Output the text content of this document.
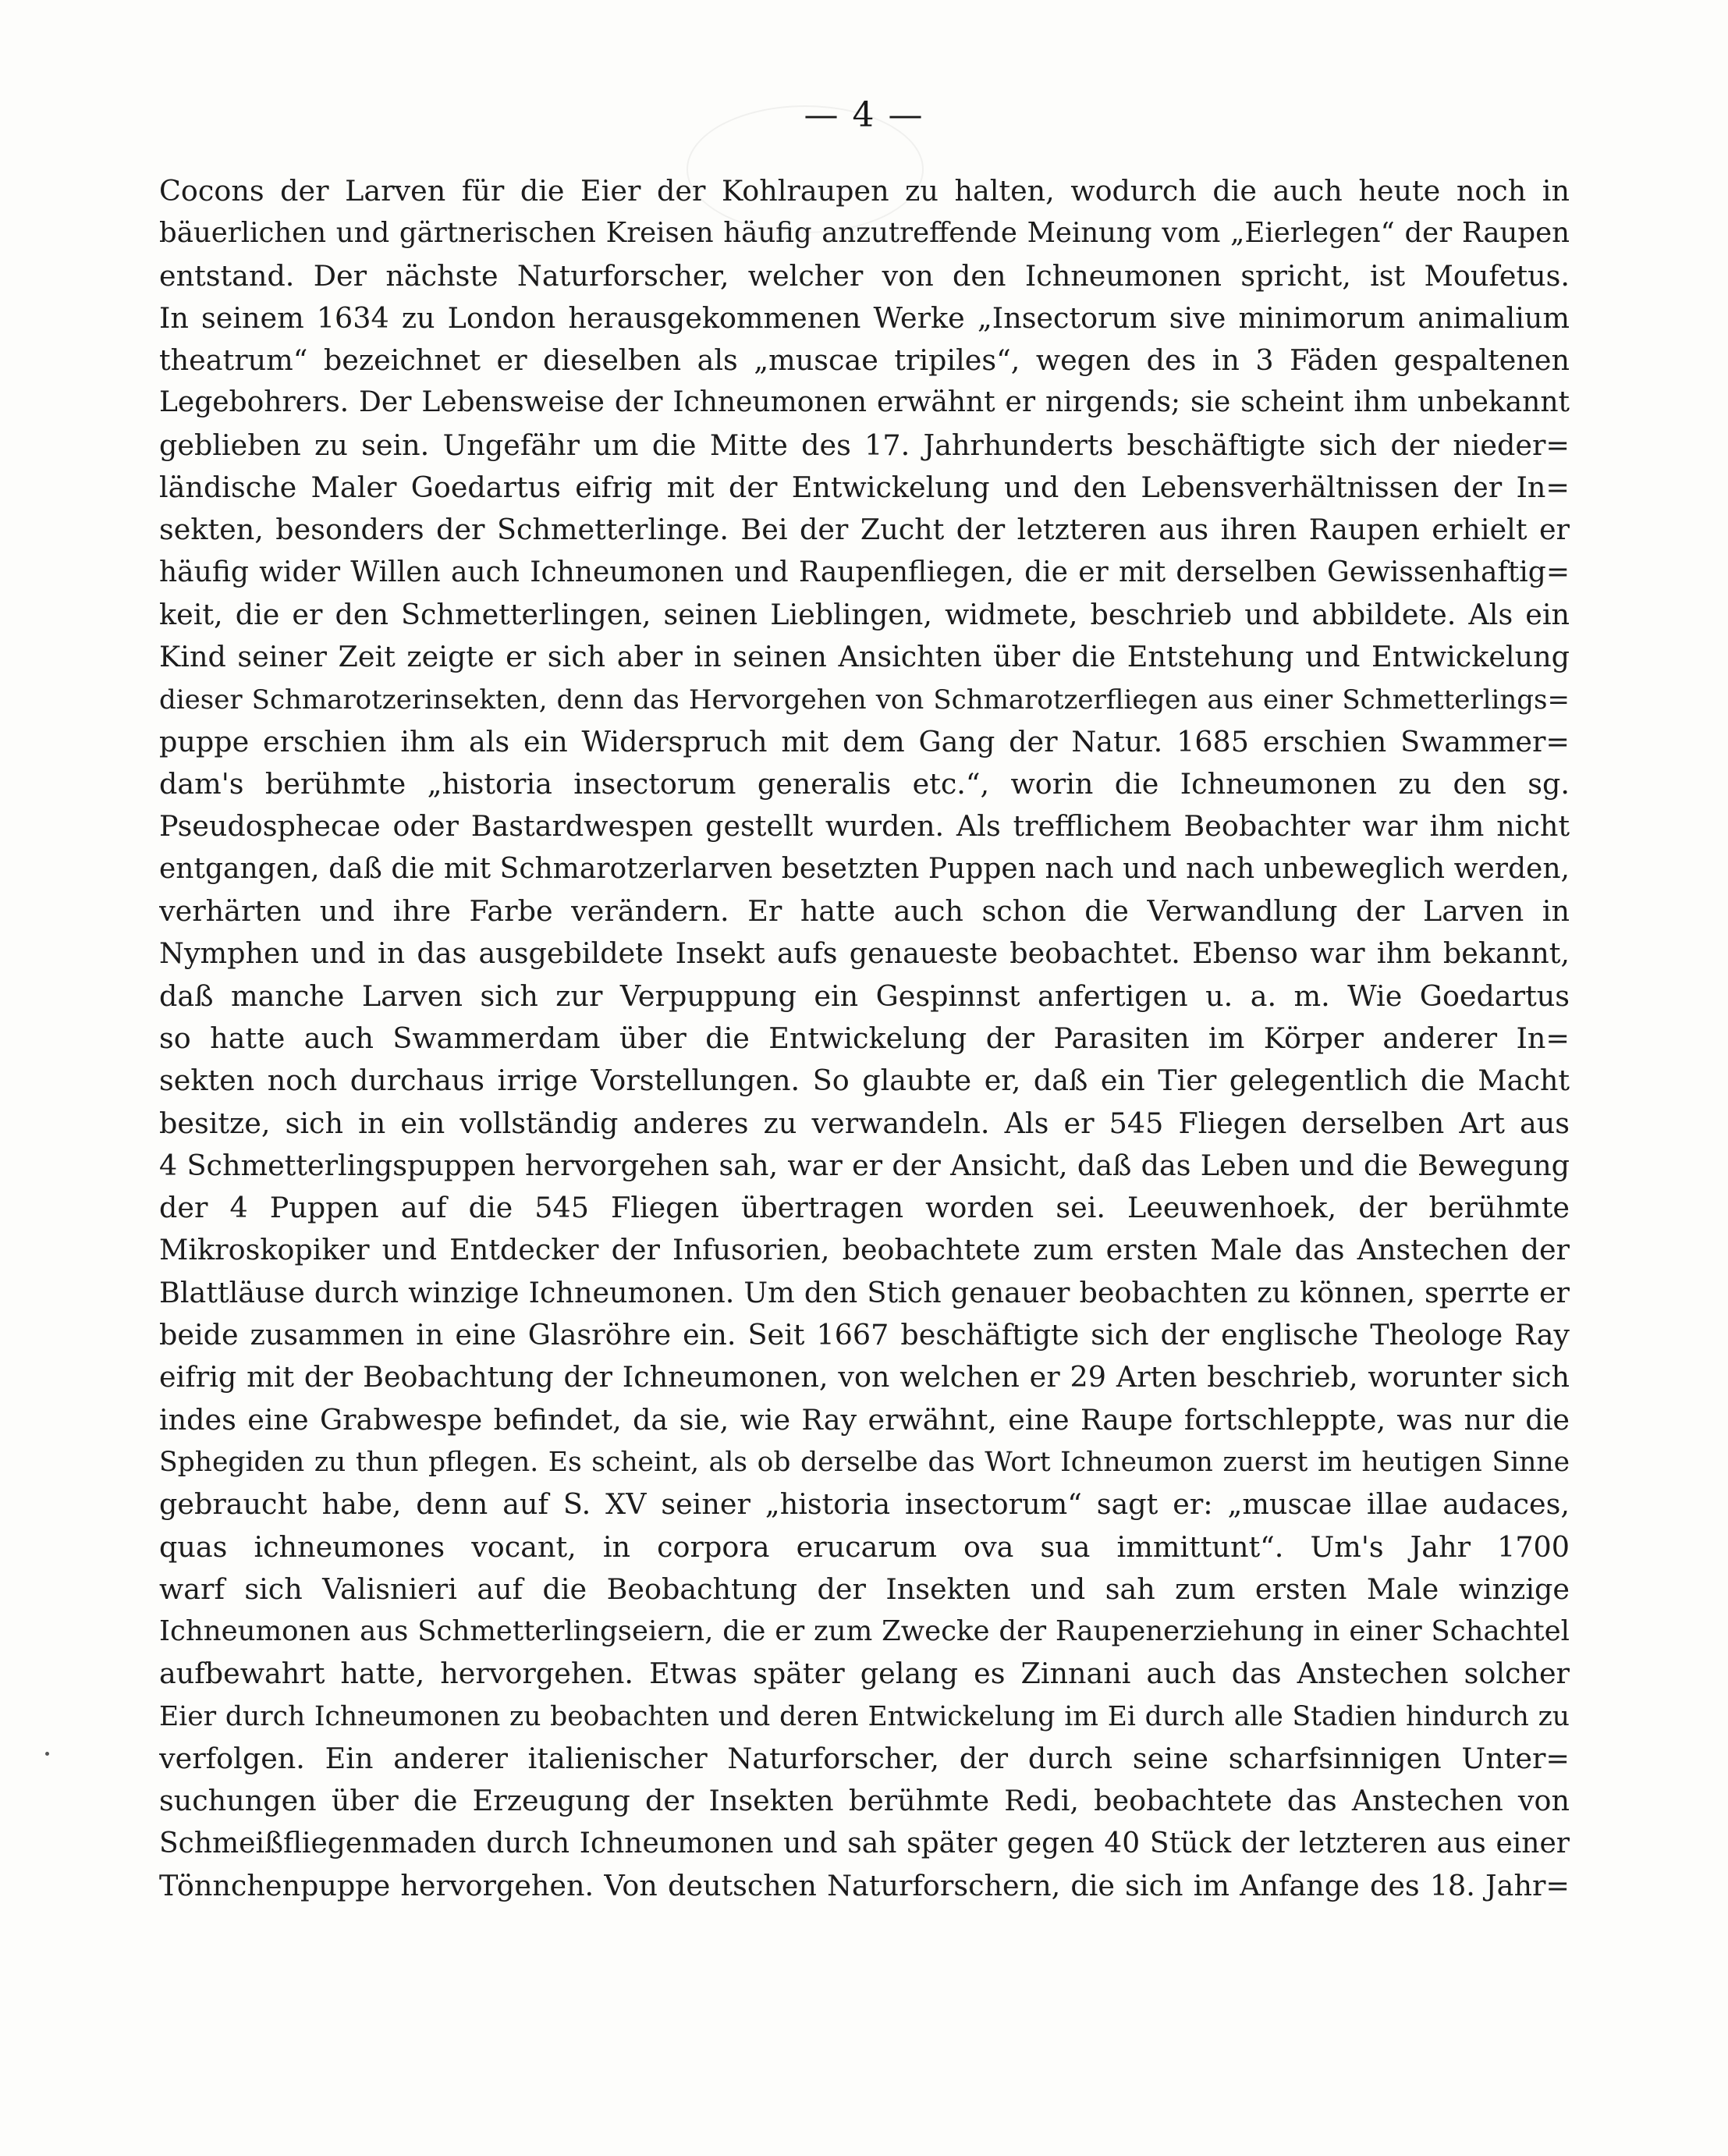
— 4 —
Cocons der Larven für die Eier der Kohlraupen zu halten, wodurch die auch heute noch in
bäuerlichen und gärtnerischen Kreisen häufig anzutreffende Meinung vom „Eierlegen“ der Raupen
entstand. Der nächste Naturforscher, welcher von den Ichneumonen spricht, ist Moufetus.
In seinem 1634 zu London herausgekommenen Werke „Insectorum sive minimorum animalium
theatrum“ bezeichnet er dieselben als „muscae tripiles“, wegen des in 3 Fäden gespaltenen
Legebohrers. Der Lebensweise der Ichneumonen erwähnt er nirgends; sie scheint ihm unbekannt
geblieben zu sein. Ungefähr um die Mitte des 17. Jahrhunderts beschäftigte sich der nieder=
ländische Maler Goedartus eifrig mit der Entwickelung und den Lebensverhältnissen der In=
sekten, besonders der Schmetterlinge. Bei der Zucht der letzteren aus ihren Raupen erhielt er
häufig wider Willen auch Ichneumonen und Raupenfliegen, die er mit derselben Gewissenhaftig=
keit, die er den Schmetterlingen, seinen Lieblingen, widmete, beschrieb und abbildete. Als ein
Kind seiner Zeit zeigte er sich aber in seinen Ansichten über die Entstehung und Entwickelung
dieser Schmarotzerinsekten, denn das Hervorgehen von Schmarotzerfliegen aus einer Schmetterlings=
puppe erschien ihm als ein Widerspruch mit dem Gang der Natur. 1685 erschien Swammer=
dam's berühmte „historia insectorum generalis etc.“, worin die Ichneumonen zu den sg.
Pseudosphecae oder Bastardwespen gestellt wurden. Als trefflichem Beobachter war ihm nicht
entgangen, daß die mit Schmarotzerlarven besetzten Puppen nach und nach unbeweglich werden,
verhärten und ihre Farbe verändern. Er hatte auch schon die Verwandlung der Larven in
Nymphen und in das ausgebildete Insekt aufs genaueste beobachtet. Ebenso war ihm bekannt,
daß manche Larven sich zur Verpuppung ein Gespinnst anfertigen u. a. m. Wie Goedartus
so hatte auch Swammerdam über die Entwickelung der Parasiten im Körper anderer In=
sekten noch durchaus irrige Vorstellungen. So glaubte er, daß ein Tier gelegentlich die Macht
besitze, sich in ein vollständig anderes zu verwandeln. Als er 545 Fliegen derselben Art aus
4 Schmetterlingspuppen hervorgehen sah, war er der Ansicht, daß das Leben und die Bewegung
der 4 Puppen auf die 545 Fliegen übertragen worden sei. Leeuwenhoek, der berühmte
Mikroskopiker und Entdecker der Infusorien, beobachtete zum ersten Male das Anstechen der
Blattläuse durch winzige Ichneumonen. Um den Stich genauer beobachten zu können, sperrte er
beide zusammen in eine Glasröhre ein. Seit 1667 beschäftigte sich der englische Theologe Ray
eifrig mit der Beobachtung der Ichneumonen, von welchen er 29 Arten beschrieb, worunter sich
indes eine Grabwespe befindet, da sie, wie Ray erwähnt, eine Raupe fortschleppte, was nur die
Sphegiden zu thun pflegen. Es scheint, als ob derselbe das Wort Ichneumon zuerst im heutigen Sinne
gebraucht habe, denn auf S. XV seiner „historia insectorum“ sagt er: „muscae illae audaces,
quas ichneumones vocant, in corpora erucarum ova sua immittunt“. Um's Jahr 1700
warf sich Valisnieri auf die Beobachtung der Insekten und sah zum ersten Male winzige
Ichneumonen aus Schmetterlingseiern, die er zum Zwecke der Raupenerziehung in einer Schachtel
aufbewahrt hatte, hervorgehen. Etwas später gelang es Zinnani auch das Anstechen solcher
Eier durch Ichneumonen zu beobachten und deren Entwickelung im Ei durch alle Stadien hindurch zu
verfolgen. Ein anderer italienischer Naturforscher, der durch seine scharfsinnigen Unter=
suchungen über die Erzeugung der Insekten berühmte Redi, beobachtete das Anstechen von
Schmeißfliegenmaden durch Ichneumonen und sah später gegen 40 Stück der letzteren aus einer
Tönnchenpuppe hervorgehen. Von deutschen Naturforschern, die sich im Anfange des 18. Jahr=
